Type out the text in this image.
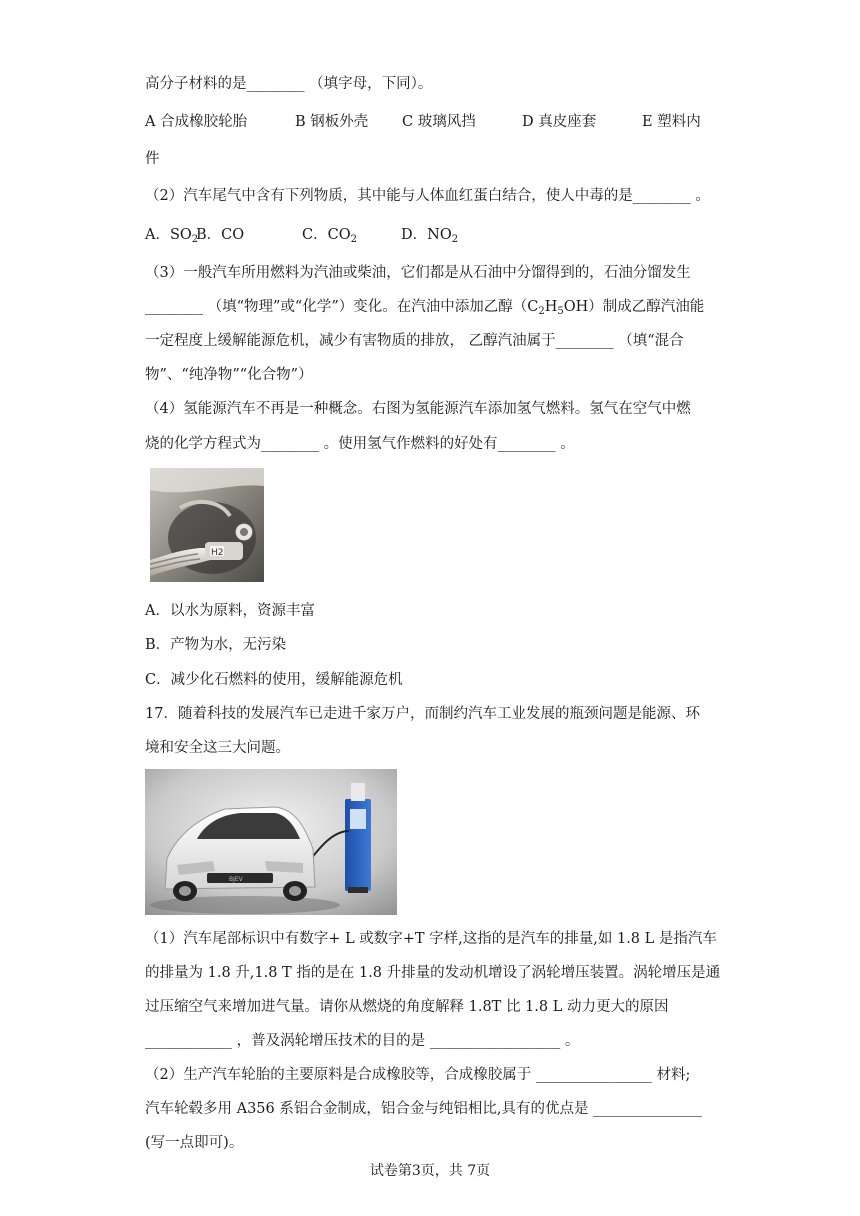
高分子材料的是________ （填字母，下同）。
A 合成橡胶轮胎	B 钢板外壳 C 玻璃风挡	D 真皮座套	E 塑料内
件
（2）汽车尾气中含有下列物质，其中能与人体血红蛋白结合，使人中毒的是________ 。
A．$SO_2$
B．CO	C．$CO_2$	D．$NO_2$
（3）一般汽车所用燃料为汽油或柴油，它们都是从石油中分馏得到的，石油分馏发生
________ （填“物理”或“化学”）变化。在汽油中添加乙醇$(C_2H_5OH)$制成乙醇汽油能
一定程度上缓解能源危机，减少有害物质的排放， 乙醇汽油属于________ （填“混合
物”、“纯净物”“化合物”）
（4）氢能源汽车不再是一种概念。右图为氢能源汽车添加氢气燃料。氢气在空气中燃
烧的化学方程式为________ 。使用氢气作燃料的好处有________ 。
H2
A．以水为原料，资源丰富
B．产物为水，无污染
C．减少化石燃料的使用，缓解能源危机
17．随着科技的发展汽车已走进千家万户，而制约汽车工业发展的瓶颈问题是能源、环
境和安全这三大问题。
BJEV
（1）汽车尾部标识中有数字+ L 或数字+T 字样,这指的是汽车的排量,如 1.8 L 是指汽车
的排量为 1.8 升,1.8 T 指的是在 1.8 升排量的发动机增设了涡轮增压装置。涡轮增压是通
过压缩空气来增加进气量。请你从燃烧的角度解释 1.8T 比 1.8 L 动力更大的原因
____________ ，普及涡轮增压技术的目的是 __________________ 。
（2）生产汽车轮胎的主要原料是合成橡胶等，合成橡胶属于 ________________ 材料;
汽车轮毂多用 A356 系铝合金制成，铝合金与纯铝相比,具有的优点是 _______________
(写一点即可)。
试卷第3页，共 7页
